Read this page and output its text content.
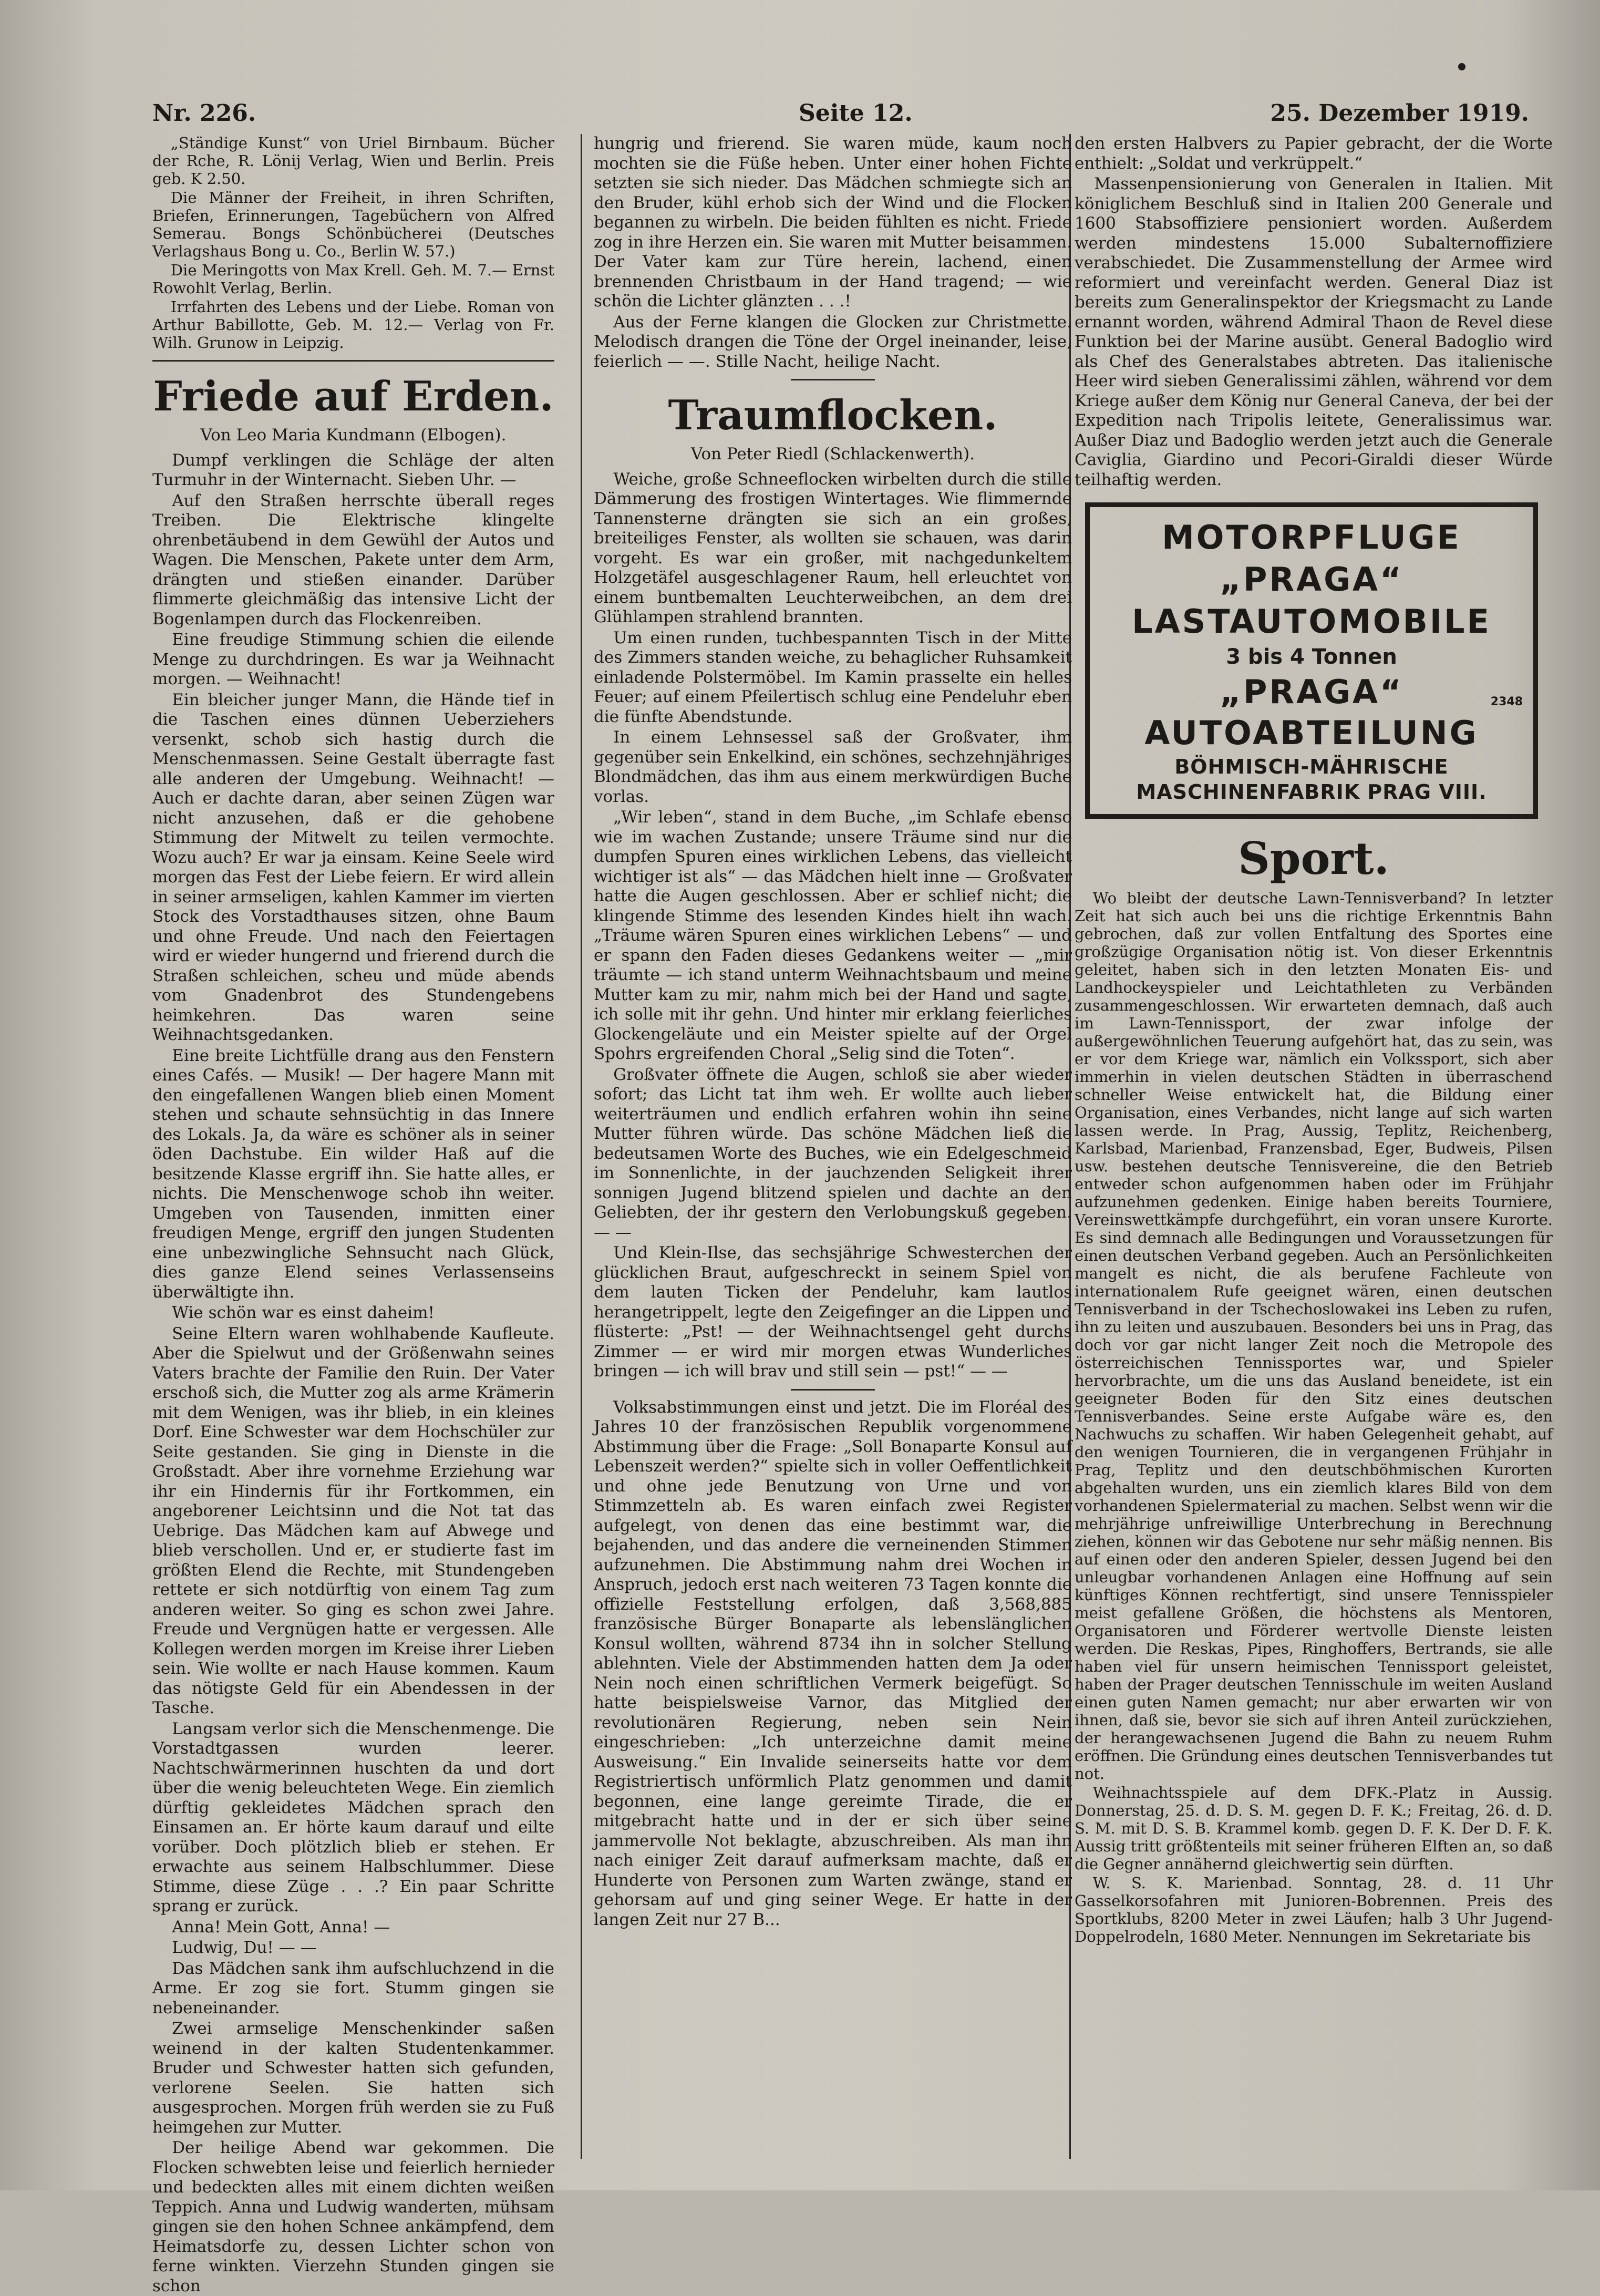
Nr. 226.	Seite 12.	25. Dezember 1919.

„Ständige Kunst“ von Uriel Birnbaum. Bücher der Rche, R. Lönij Verlag, Wien und Berlin. Preis geb. K 2.50.

Die Männer der Freiheit, in ihren Schriften, Briefen, Erinnerungen, Tagebüchern von Alfred Semerau. Bongs Schönbücherei (Deutsches Verlagshaus Bong u. Co., Berlin W. 57.)

Die Meringotts von Max Krell. Geh. M. 7.— Ernst Rowohlt Verlag, Berlin.

Irrfahrten des Lebens und der Liebe. Roman von Arthur Babillotte, Geb. M. 12.— Verlag von Fr. Wilh. Grunow in Leipzig.

Friede auf Erden.
Von Leo Maria Kundmann (Elbogen).

Dumpf verklingen die Schläge der alten Turmuhr in der Winternacht. Sieben Uhr. —

Auf den Straßen herrschte überall reges Treiben. Die Elektrische klingelte ohrenbetäubend in dem Gewühl der Autos und Wagen. Die Menschen, Pakete unter dem Arm, drängten und stießen einander. Darüber flimmerte gleichmäßig das intensive Licht der Bogenlampen durch das Flockenreiben.

Eine freudige Stimmung schien die eilende Menge zu durchdringen. Es war ja Weihnacht morgen. — Weihnacht!

Ein bleicher junger Mann, die Hände tief in die Taschen eines dünnen Ueberziehers versenkt, schob sich hastig durch die Menschenmassen. Seine Gestalt überragte fast alle anderen der Umgebung. Weihnacht! — Auch er dachte daran, aber seinen Zügen war nicht anzusehen, daß er die gehobene Stimmung der Mitwelt zu teilen vermochte. Wozu auch? Er war ja einsam. Keine Seele wird morgen das Fest der Liebe feiern. Er wird allein in seiner armseligen, kahlen Kammer im vierten Stock des Vorstadthauses sitzen, ohne Baum und ohne Freude. Und nach den Feiertagen wird er wieder hungernd und frierend durch die Straßen schleichen, scheu und müde abends vom Gnadenbrot des Stundengebens heimkehren. Das waren seine Weihnachtsgedanken.

Eine breite Lichtfülle drang aus den Fenstern eines Cafés. — Musik! — Der hagere Mann mit den eingefallenen Wangen blieb einen Moment stehen und schaute sehnsüchtig in das Innere des Lokals. Ja, da wäre es schöner als in seiner öden Dachstube. Ein wilder Haß auf die besitzende Klasse ergriff ihn. Sie hatte alles, er nichts. Die Menschenwoge schob ihn weiter. Umgeben von Tausenden, inmitten einer freudigen Menge, ergriff den jungen Studenten eine unbezwingliche Sehnsucht nach Glück, dies ganze Elend seines Verlassenseins überwältigte ihn.

Wie schön war es einst daheim!

Seine Eltern waren wohlhabende Kaufleute. Aber die Spielwut und der Größenwahn seines Vaters brachte der Familie den Ruin. Der Vater erschoß sich, die Mutter zog als arme Krämerin mit dem Wenigen, was ihr blieb, in ein kleines Dorf. Eine Schwester war dem Hochschüler zur Seite gestanden. Sie ging in Dienste in die Großstadt. Aber ihre vornehme Erziehung war ihr ein Hindernis für ihr Fortkommen, ein angeborener Leichtsinn und die Not tat das Uebrige. Das Mädchen kam auf Abwege und blieb verschollen. Und er, er studierte fast im größten Elend die Rechte, mit Stundengeben rettete er sich notdürftig von einem Tag zum anderen weiter. So ging es schon zwei Jahre. Freude und Vergnügen hatte er vergessen. Alle Kollegen werden morgen im Kreise ihrer Lieben sein. Wie wollte er nach Hause kommen. Kaum das nötigste Geld für ein Abendessen in der Tasche.

Langsam verlor sich die Menschenmenge. Die Vorstadtgassen wurden leerer. Nachtschwärmerinnen huschten da und dort über die wenig beleuchteten Wege. Ein ziemlich dürftig gekleidetes Mädchen sprach den Einsamen an. Er hörte kaum darauf und eilte vorüber. Doch plötzlich blieb er stehen. Er erwachte aus seinem Halbschlummer. Diese Stimme, diese Züge . . .? Ein paar Schritte sprang er zurück.

Anna! Mein Gott, Anna! —

Ludwig, Du! — —

Das Mädchen sank ihm aufschluchzend in die Arme. Er zog sie fort. Stumm gingen sie nebeneinander.

Zwei armselige Menschenkinder saßen weinend in der kalten Studentenkammer. Bruder und Schwester hatten sich gefunden, verlorene Seelen. Sie hatten sich ausgesprochen. Morgen früh werden sie zu Fuß heimgehen zur Mutter.

Der heilige Abend war gekommen. Die Flocken schwebten leise und feierlich hernieder und bedeckten alles mit einem dichten weißen Teppich. Anna und Ludwig wanderten, mühsam gingen sie den hohen Schnee ankämpfend, dem Heimatsdorfe zu, dessen Lichter schon von ferne winkten. Vierzehn Stunden gingen sie schon

hungrig und frierend. Sie waren müde, kaum noch mochten sie die Füße heben. Unter einer hohen Fichte setzten sie sich nieder. Das Mädchen schmiegte sich an den Bruder, kühl erhob sich der Wind und die Flocken begannen zu wirbeln. Die beiden fühlten es nicht. Friede zog in ihre Herzen ein. Sie waren mit Mutter beisammen. Der Vater kam zur Türe herein, lachend, einen brennenden Christbaum in der Hand tragend; — wie schön die Lichter glänzten . . .!

Aus der Ferne klangen die Glocken zur Christmette. Melodisch drangen die Töne der Orgel ineinander, leise, feierlich — —. Stille Nacht, heilige Nacht.

Traumflocken.
Von Peter Riedl (Schlackenwerth).

Weiche, große Schneeflocken wirbelten durch die stille Dämmerung des frostigen Wintertages. Wie flimmernde Tannensterne drängten sie sich an ein großes, breiteiliges Fenster, als wollten sie schauen, was darin vorgeht. Es war ein großer, mit nachgedunkeltem Holzgetäfel ausgeschlagener Raum, hell erleuchtet von einem buntbemalten Leuchterweibchen, an dem drei Glühlampen strahlend brannten.

Um einen runden, tuchbespannten Tisch in der Mitte des Zimmers standen weiche, zu behaglicher Ruhsamkeit einladende Polstermöbel. Im Kamin prasselte ein helles Feuer; auf einem Pfeilertisch schlug eine Pendeluhr eben die fünfte Abendstunde.

In einem Lehnsessel saß der Großvater, ihm gegenüber sein Enkelkind, ein schönes, sechzehnjähriges Blondmädchen, das ihm aus einem merkwürdigen Buche vorlas.

„Wir leben“, stand in dem Buche, „im Schlafe ebenso wie im wachen Zustande; unsere Träume sind nur die dumpfen Spuren eines wirklichen Lebens, das vielleicht wichtiger ist als“ — das Mädchen hielt inne — Großvater hatte die Augen geschlossen. Aber er schlief nicht; die klingende Stimme des lesenden Kindes hielt ihn wach. „Träume wären Spuren eines wirklichen Lebens“ — und er spann den Faden dieses Gedankens weiter — „mir träumte — ich stand unterm Weihnachtsbaum und meine Mutter kam zu mir, nahm mich bei der Hand und sagte, ich solle mit ihr gehn. Und hinter mir erklang feierliches Glockengeläute und ein Meister spielte auf der Orgel Spohrs ergreifenden Choral „Selig sind die Toten“.

Großvater öffnete die Augen, schloß sie aber wieder sofort; das Licht tat ihm weh. Er wollte auch lieber weiterträumen und endlich erfahren wohin ihn seine Mutter führen würde. Das schöne Mädchen ließ die bedeutsamen Worte des Buches, wie ein Edelgeschmeid im Sonnenlichte, in der jauchzenden Seligkeit ihrer sonnigen Jugend blitzend spielen und dachte an den Geliebten, der ihr gestern den Verlobungskuß gegeben. — —

Und Klein-Ilse, das sechsjährige Schwesterchen der glücklichen Braut, aufgeschreckt in seinem Spiel von dem lauten Ticken der Pendeluhr, kam lautlos herangetrippelt, legte den Zeigefinger an die Lippen und flüsterte: „Pst! — der Weihnachtsengel geht durchs Zimmer — er wird mir morgen etwas Wunderliches bringen — ich will brav und still sein — pst!“ — —

Volksabstimmungen einst und jetzt. Die im Floréal des Jahres 10 der französischen Republik vorgenommene Abstimmung über die Frage: „Soll Bonaparte Konsul auf Lebenszeit werden?“ spielte sich in voller Oeffentlichkeit und ohne jede Benutzung von Urne und von Stimmzetteln ab. Es waren einfach zwei Register aufgelegt, von denen das eine bestimmt war, die bejahenden, und das andere die verneinenden Stimmen aufzunehmen. Die Abstimmung nahm drei Wochen in Anspruch, jedoch erst nach weiteren 73 Tagen konnte die offizielle Feststellung erfolgen, daß 3,568,885 französische Bürger Bonaparte als lebenslänglichen Konsul wollten, während 8734 ihn in solcher Stellung ablehnten. Viele der Abstimmenden hatten dem Ja oder Nein noch einen schriftlichen Vermerk beigefügt. So hatte beispielsweise Varnor, das Mitglied der revolutionären Regierung, neben sein Nein eingeschrieben: „Ich unterzeichne damit meine Ausweisung.“ Ein Invalide seinerseits hatte vor dem Registriertisch unförmlich Platz genommen und damit begonnen, eine lange gereimte Tirade, die er mitgebracht hatte und in der er sich über seine jammervolle Not beklagte, abzuschreiben. Als man ihn nach einiger Zeit darauf aufmerksam machte, daß er Hunderte von Personen zum Warten zwänge, stand er gehorsam auf und ging seiner Wege. Er hatte in der langen Zeit nur 27 B...

den ersten Halbvers zu Papier gebracht, der die Worte enthielt: „Soldat und verkrüppelt.“

Massenpensionierung von Generalen in Italien. Mit königlichem Beschluß sind in Italien 200 Generale und 1600 Stabsoffiziere pensioniert worden. Außerdem werden mindestens 15.000 Subalternoffiziere verabschiedet. Die Zusammenstellung der Armee wird reformiert und vereinfacht werden. General Diaz ist bereits zum Generalinspektor der Kriegsmacht zu Lande ernannt worden, während Admiral Thaon de Revel diese Funktion bei der Marine ausübt. General Badoglio wird als Chef des Generalstabes abtreten. Das italienische Heer wird sieben Generalissimi zählen, während vor dem Kriege außer dem König nur General Caneva, der bei der Expedition nach Tripolis leitete, Generalissimus war. Außer Diaz und Badoglio werden jetzt auch die Generale Caviglia, Giardino und Pecori-Giraldi dieser Würde teilhaftig werden.

MOTORPFLUGE
„PRAGA“
LASTAUTOMOBILE
3 bis 4 Tonnen
„PRAGA“	2348
AUTOABTEILUNG
BÖHMISCH-MÄHRISCHE
MASCHINENFABRIK PRAG VIII.
Sport.

Wo bleibt der deutsche Lawn-Tennisverband? In letzter Zeit hat sich auch bei uns die richtige Erkenntnis Bahn gebrochen, daß zur vollen Entfaltung des Sportes eine großzügige Organisation nötig ist. Von dieser Erkenntnis geleitet, haben sich in den letzten Monaten Eis- und Landhockeyspieler und Leichtathleten zu Verbänden zusammengeschlossen. Wir erwarteten demnach, daß auch im Lawn-Tennissport, der zwar infolge der außergewöhnlichen Teuerung aufgehört hat, das zu sein, was er vor dem Kriege war, nämlich ein Volkssport, sich aber immerhin in vielen deutschen Städten in überraschend schneller Weise entwickelt hat, die Bildung einer Organisation, eines Verbandes, nicht lange auf sich warten lassen werde. In Prag, Aussig, Teplitz, Reichenberg, Karlsbad, Marienbad, Franzensbad, Eger, Budweis, Pilsen usw. bestehen deutsche Tennisvereine, die den Betrieb entweder schon aufgenommen haben oder im Frühjahr aufzunehmen gedenken. Einige haben bereits Tourniere, Vereinswettkämpfe durchgeführt, ein voran unsere Kurorte. Es sind demnach alle Bedingungen und Voraussetzungen für einen deutschen Verband gegeben. Auch an Persönlichkeiten mangelt es nicht, die als berufene Fachleute von internationalem Rufe geeignet wären, einen deutschen Tennisverband in der Tschechoslowakei ins Leben zu rufen, ihn zu leiten und auszubauen. Besonders bei uns in Prag, das doch vor gar nicht langer Zeit noch die Metropole des österreichischen Tennissportes war, und Spieler hervorbrachte, um die uns das Ausland beneidete, ist ein geeigneter Boden für den Sitz eines deutschen Tennisverbandes. Seine erste Aufgabe wäre es, den Nachwuchs zu schaffen. Wir haben Gelegenheit gehabt, auf den wenigen Tournieren, die in vergangenen Frühjahr in Prag, Teplitz und den deutschböhmischen Kurorten abgehalten wurden, uns ein ziemlich klares Bild von dem vorhandenen Spielermaterial zu machen. Selbst wenn wir die mehrjährige unfreiwillige Unterbrechung in Berechnung ziehen, können wir das Gebotene nur sehr mäßig nennen. Bis auf einen oder den anderen Spieler, dessen Jugend bei den unleugbar vorhandenen Anlagen eine Hoffnung auf sein künftiges Können rechtfertigt, sind unsere Tennisspieler meist gefallene Größen, die höchstens als Mentoren, Organisatoren und Förderer wertvolle Dienste leisten werden. Die Reskas, Pipes, Ringhoffers, Bertrands, sie alle haben viel für unsern heimischen Tennissport geleistet, haben der Prager deutschen Tennisschule im weiten Ausland einen guten Namen gemacht; nur aber erwarten wir von ihnen, daß sie, bevor sie sich auf ihren Anteil zurückziehen, der herangewachsenen Jugend die Bahn zu neuem Ruhm eröffnen. Die Gründung eines deutschen Tennisverbandes tut not.

Weihnachtsspiele auf dem DFK.-Platz in Aussig. Donnerstag, 25. d. D. S. M. gegen D. F. K.; Freitag, 26. d. D. S. M. mit D. S. B. Krammel komb. gegen D. F. K. Der D. F. K. Aussig tritt größtenteils mit seiner früheren Elften an, so daß die Gegner annähernd gleichwertig sein dürften.

W. S. K. Marienbad. Sonntag, 28. d. 11 Uhr Gasselkorsofahren mit Junioren-Bobrennen. Preis des Sportklubs, 8200 Meter in zwei Läufen; halb 3 Uhr Jugend-Doppelrodeln, 1680 Meter. Nennungen im Sekretariate bis
